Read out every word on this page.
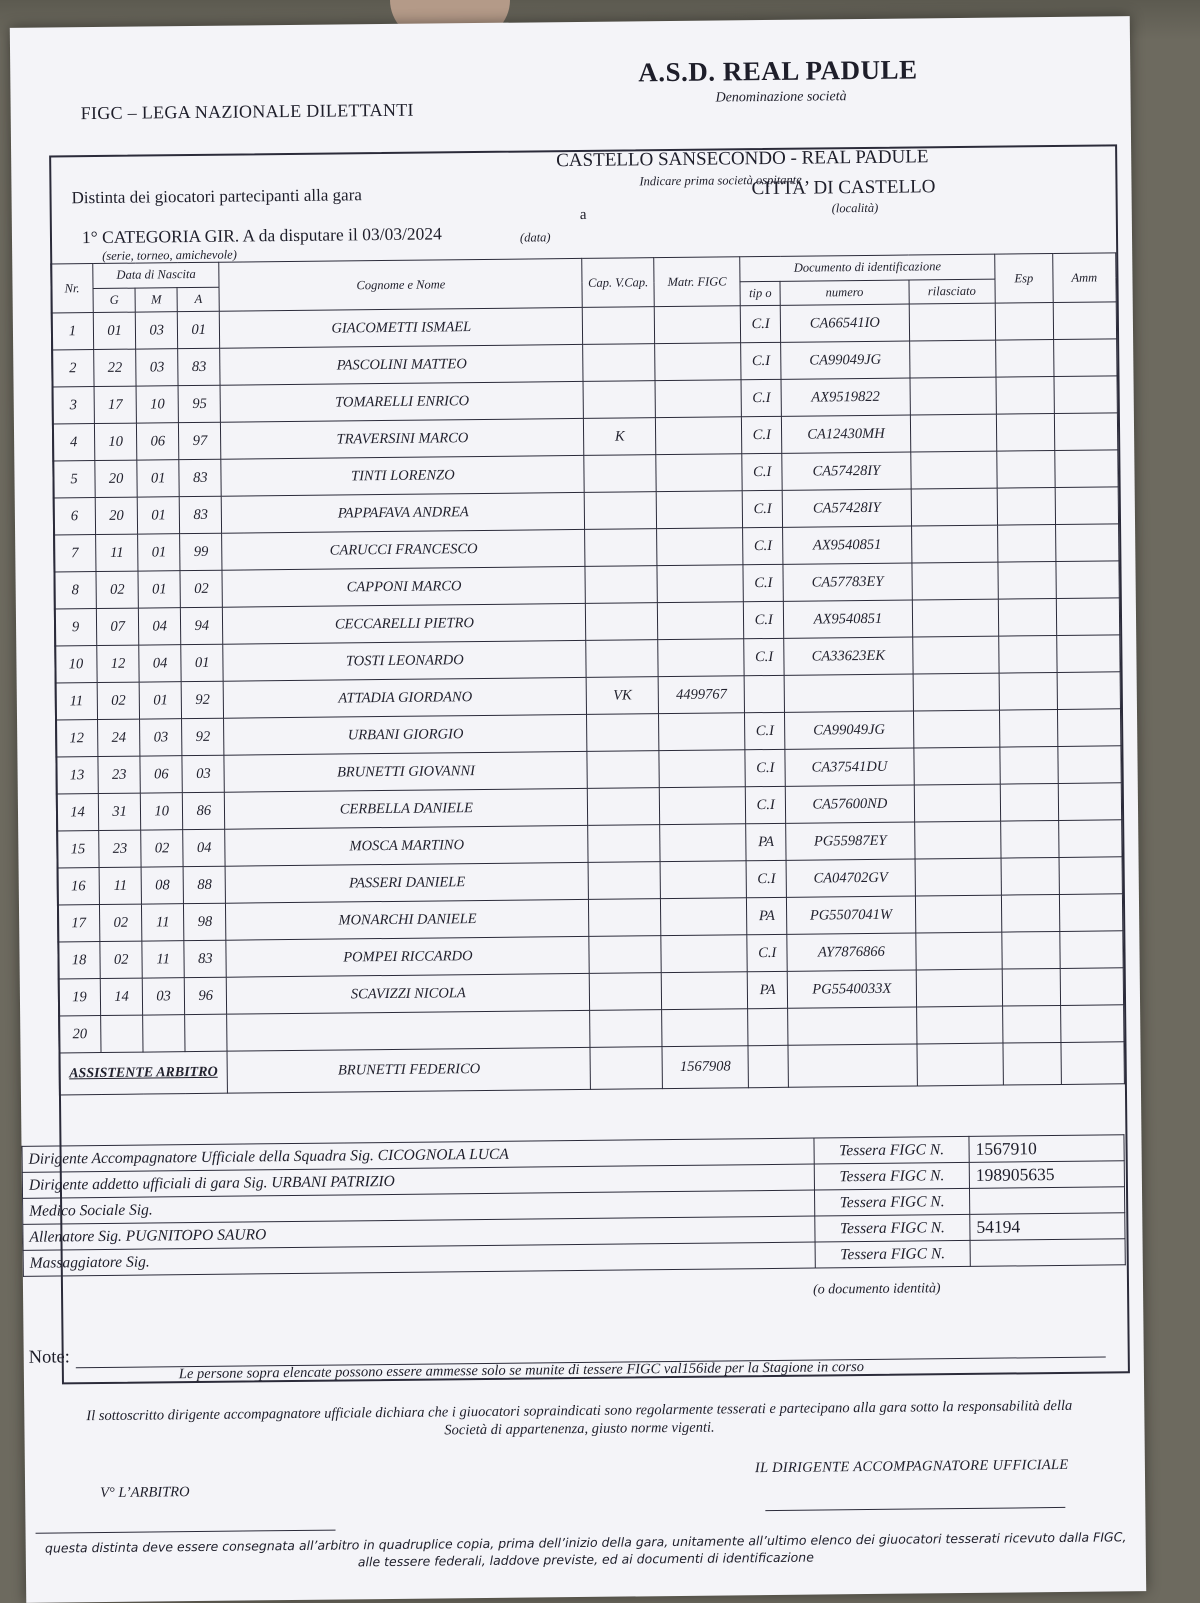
FIGC – LEGA NAZIONALE DILETTANTI
A.S.D. REAL PADULE
Denominazione società
Distinta dei giocatori partecipanti alla gara
CASTELLO SANSECONDO - REAL PADULE
Indicare prima società ospitante
a
CITTA’ DI CASTELLO
(località)
1° CATEGORIA GIR. A da disputare il 03/03/2024
(serie, torneo, amichevole)
(data)
Nr.	Data di Nascita			Cognome e Nome	Cap. V.Cap.	Matr. FIGC	Documento di identificazione			Esp	Amm
	G	M	A				tip o	numero	rilasciato		
1	01	03	01	GIACOMETTI ISMAEL			C.I	CA66541IO			
2	22	03	83	PASCOLINI MATTEO			C.I	CA99049JG			
3	17	10	95	TOMARELLI ENRICO			C.I	AX9519822			
4	10	06	97	TRAVERSINI MARCO	K		C.I	CA12430MH			
5	20	01	83	TINTI LORENZO			C.I	CA57428IY			
6	20	01	83	PAPPAFAVA ANDREA			C.I	CA57428IY			
7	11	01	99	CARUCCI FRANCESCO			C.I	AX9540851			
8	02	01	02	CAPPONI MARCO			C.I	CA57783EY			
9	07	04	94	CECCARELLI PIETRO			C.I	AX9540851			
10	12	04	01	TOSTI LEONARDO			C.I	CA33623EK			
11	02	01	92	ATTADIA GIORDANO	VK	4499767					
12	24	03	92	URBANI GIORGIO			C.I	CA99049JG			
13	23	06	03	BRUNETTI GIOVANNI			C.I	CA37541DU			
14	31	10	86	CERBELLA DANIELE			C.I	CA57600ND			
15	23	02	04	MOSCA MARTINO			PA	PG55987EY			
16	11	08	88	PASSERI DANIELE			C.I	CA04702GV			
17	02	11	98	MONARCHI DANIELE			PA	PG5507041W			
18	02	11	83	POMPEI RICCARDO			C.I	AY7876866			
19	14	03	96	SCAVIZZI NICOLA			PA	PG5540033X			
20											
ASSISTENTE ARBITRO				BRUNETTI FEDERICO		1567908					
Dirigente Accompagnatore Ufficiale della Squadra Sig. CICOGNOLA LUCA	Tessera FIGC N.	1567910
Dirigente addetto ufficiali di gara Sig. URBANI PATRIZIO	Tessera FIGC N.	198905635
Medico Sociale Sig.	Tessera FIGC N.	
Allenatore Sig. PUGNITOPO SAURO	Tessera FIGC N.	54194
Massaggiatore Sig.	Tessera FIGC N.	
(o documento identità)
Note:
Le persone sopra elencate possono essere ammesse solo se munite di tessere FIGC val156ide per la Stagione in corso
Il sottoscritto dirigente accompagnatore ufficiale dichiara che i giuocatori sopraindicati sono regolarmente tesserati e partecipano alla gara sotto la responsabilità della Società di appartenenza, giusto norme vigenti.
V° L’ARBITRO
IL DIRIGENTE ACCOMPAGNATORE UFFICIALE
questa distinta deve essere consegnata all’arbitro in quadruplice copia, prima dell’inizio della gara, unitamente all’ultimo elenco dei giuocatori tesserati ricevuto dalla FIGC, alle tessere federali, laddove previste, ed ai documenti di identificazione
